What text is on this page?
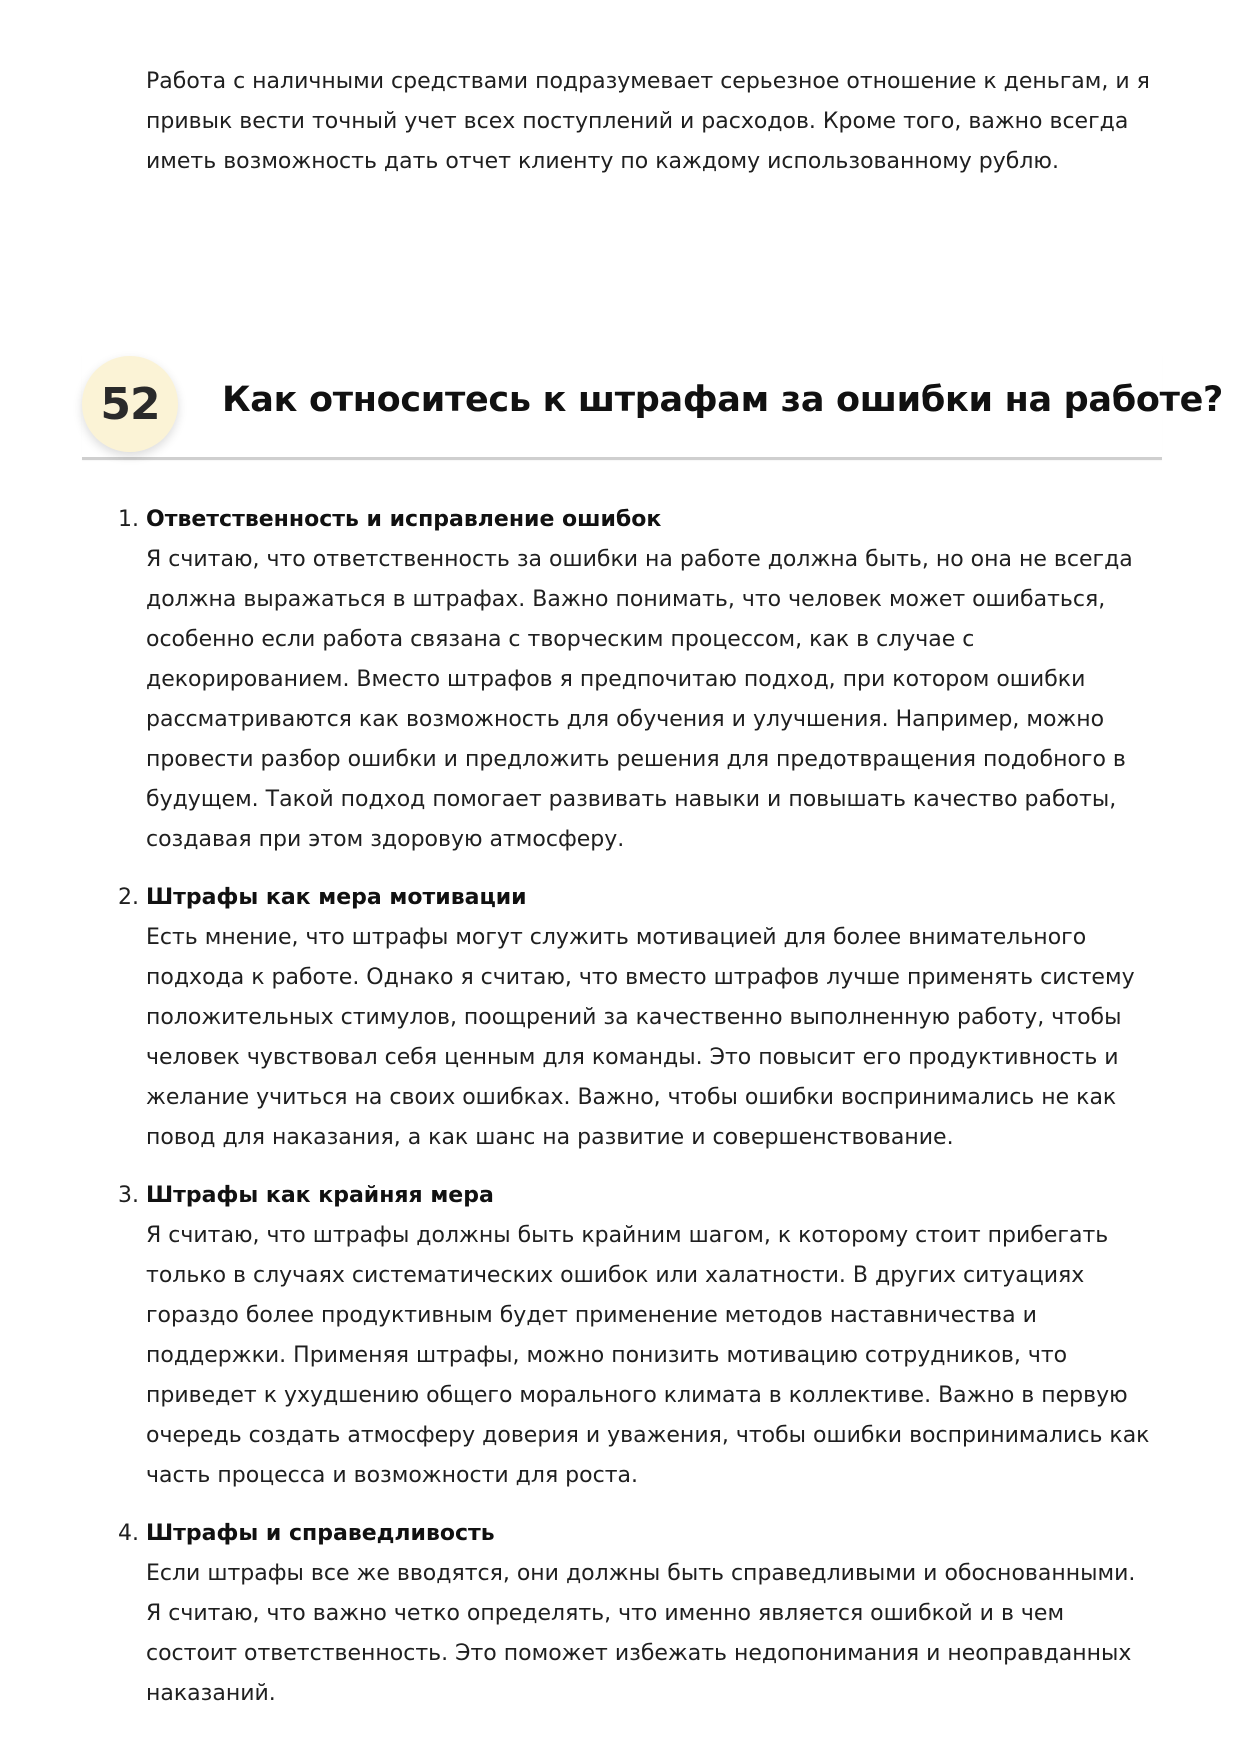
Работа с наличными средствами подразумевает серьезное отношение к деньгам, и я привык вести точный учет всех поступлений и расходов. Кроме того, важно всегда иметь возможность дать отчет клиенту по каждому использованному рублю.

52	Как относитесь к штрафам за ошибки на работе?
1. Ответственность и исправление ошибок
Я считаю, что ответственность за ошибки на работе должна быть, но она не всегда должна выражаться в штрафах. Важно понимать, что человек может ошибаться, особенно если работа связана с творческим процессом, как в случае с декорированием. Вместо штрафов я предпочитаю подход, при котором ошибки рассматриваются как возможность для обучения и улучшения. Например, можно провести разбор ошибки и предложить решения для предотвращения подобного в будущем. Такой подход помогает развивать навыки и повышать качество работы, создавая при этом здоровую атмосферу.
2. Штрафы как мера мотивации
Есть мнение, что штрафы могут служить мотивацией для более внимательного подхода к работе. Однако я считаю, что вместо штрафов лучше применять систему положительных стимулов, поощрений за качественно выполненную работу, чтобы человек чувствовал себя ценным для команды. Это повысит его продуктивность и желание учиться на своих ошибках. Важно, чтобы ошибки воспринимались не как повод для наказания, а как шанс на развитие и совершенствование.
3. Штрафы как крайняя мера
Я считаю, что штрафы должны быть крайним шагом, к которому стоит прибегать только в случаях систематических ошибок или халатности. В других ситуациях гораздо более продуктивным будет применение методов наставничества и поддержки. Применяя штрафы, можно понизить мотивацию сотрудников, что приведет к ухудшению общего морального климата в коллективе. Важно в первую очередь создать атмосферу доверия и уважения, чтобы ошибки воспринимались как часть процесса и возможности для роста.
4. Штрафы и справедливость
Если штрафы все же вводятся, они должны быть справедливыми и обоснованными. Я считаю, что важно четко определять, что именно является ошибкой и в чем состоит ответственность. Это поможет избежать недопонимания и неоправданных наказаний.
